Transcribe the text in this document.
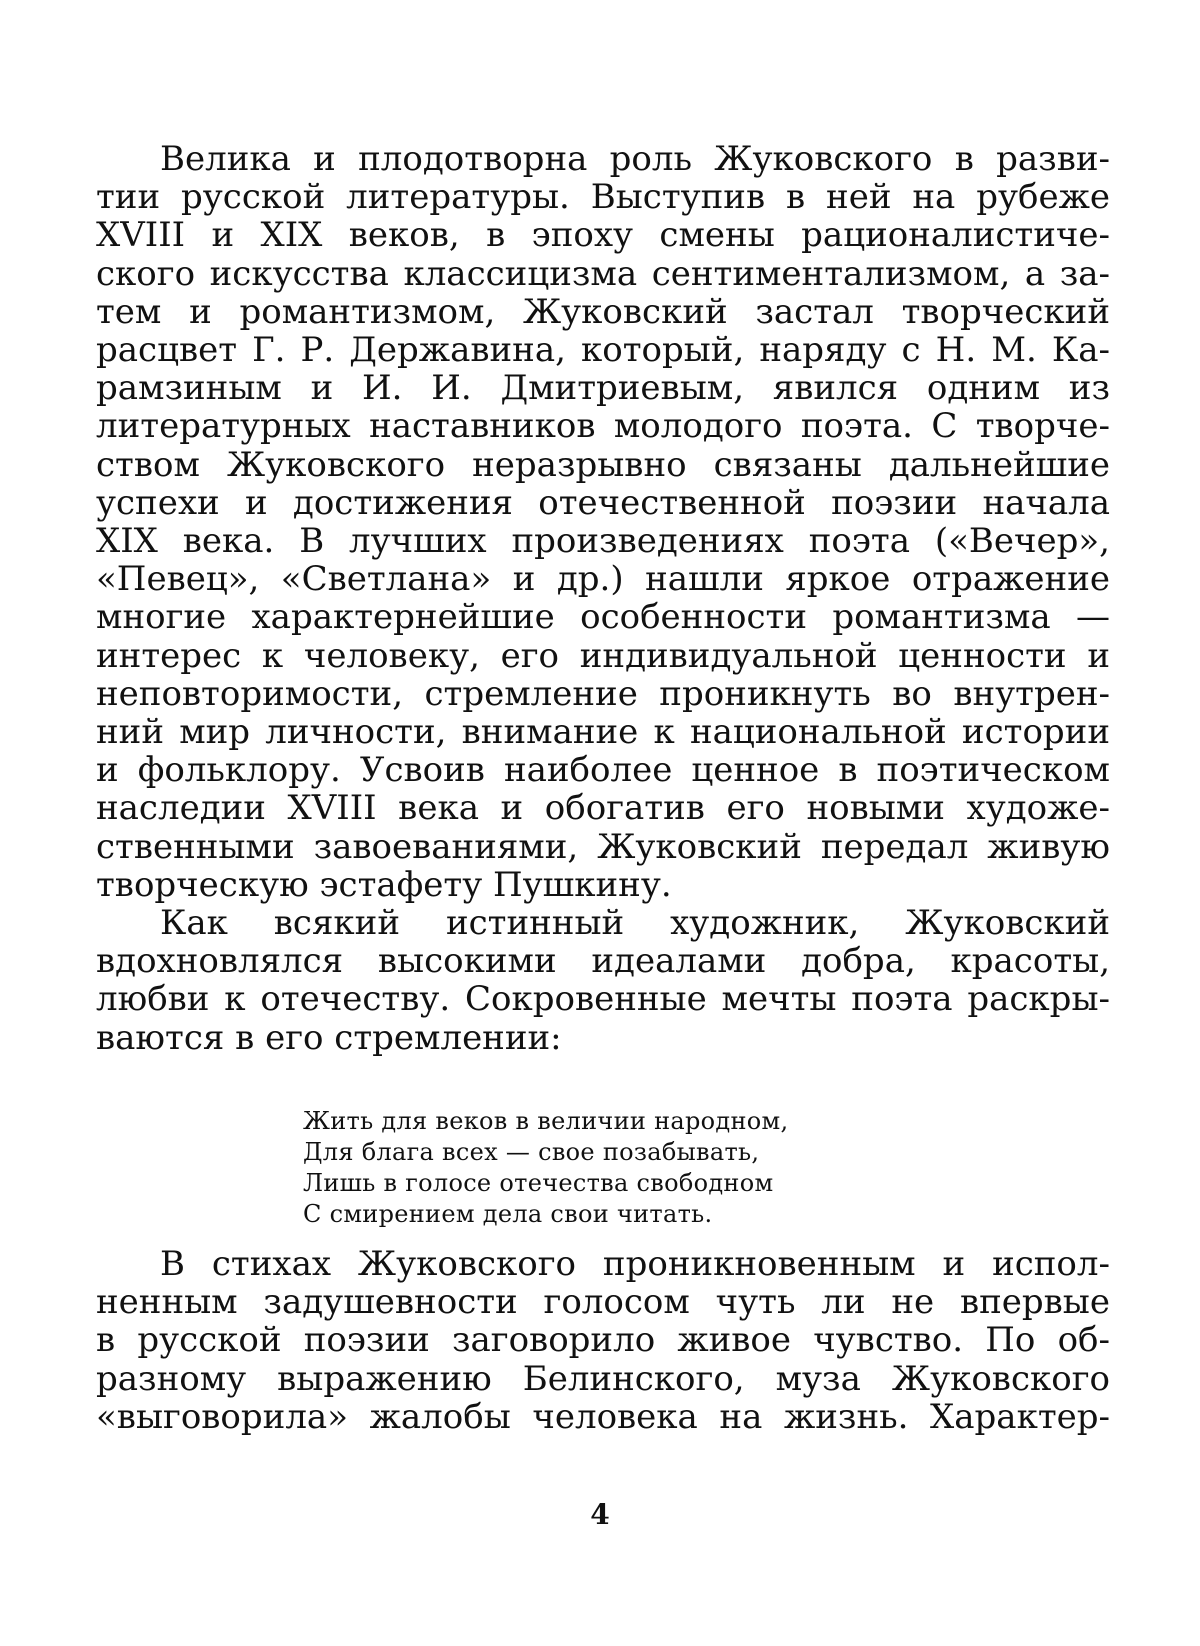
Велика и плодотворна роль Жуковского в разви-
тии русской литературы. Выступив в ней на рубеже
XVIII и XIX веков, в эпоху смены рационалистиче-
ского искусства классицизма сентиментализмом, а за-
тем и романтизмом, Жуковский застал творческий
расцвет Г. Р. Державина, который, наряду с Н. М. Ка-
рамзиным и И. И. Дмитриевым, явился одним из
литературных наставников молодого поэта. С творче-
ством Жуковского неразрывно связаны дальнейшие
успехи и достижения отечественной поэзии начала
XIX века. В лучших произведениях поэта («Вечер»,
«Певец», «Светлана» и др.) нашли яркое отражение
многие характернейшие особенности романтизма —
интерес к человеку, его индивидуальной ценности и
неповторимости, стремление проникнуть во внутрен-
ний мир личности, внимание к национальной истории
и фольклору. Усвоив наиболее ценное в поэтическом
наследии XVIII века и обогатив его новыми художе-
ственными завоеваниями, Жуковский передал живую
творческую эстафету Пушкину.
Как всякий истинный художник, Жуковский
вдохновлялся высокими идеалами добра, красоты,
любви к отечеству. Сокровенные мечты поэта раскры-
ваются в его стремлении:
Жить для веков в величии народном,
Для блага всех — свое позабывать,
Лишь в голосе отечества свободном
С смирением дела свои читать.
В стихах Жуковского проникновенным и испол-
ненным задушевности голосом чуть ли не впервые
в русской поэзии заговорило живое чувство. По об-
разному выражению Белинского, муза Жуковского
«выговорила» жалобы человека на жизнь. Характер-
4
